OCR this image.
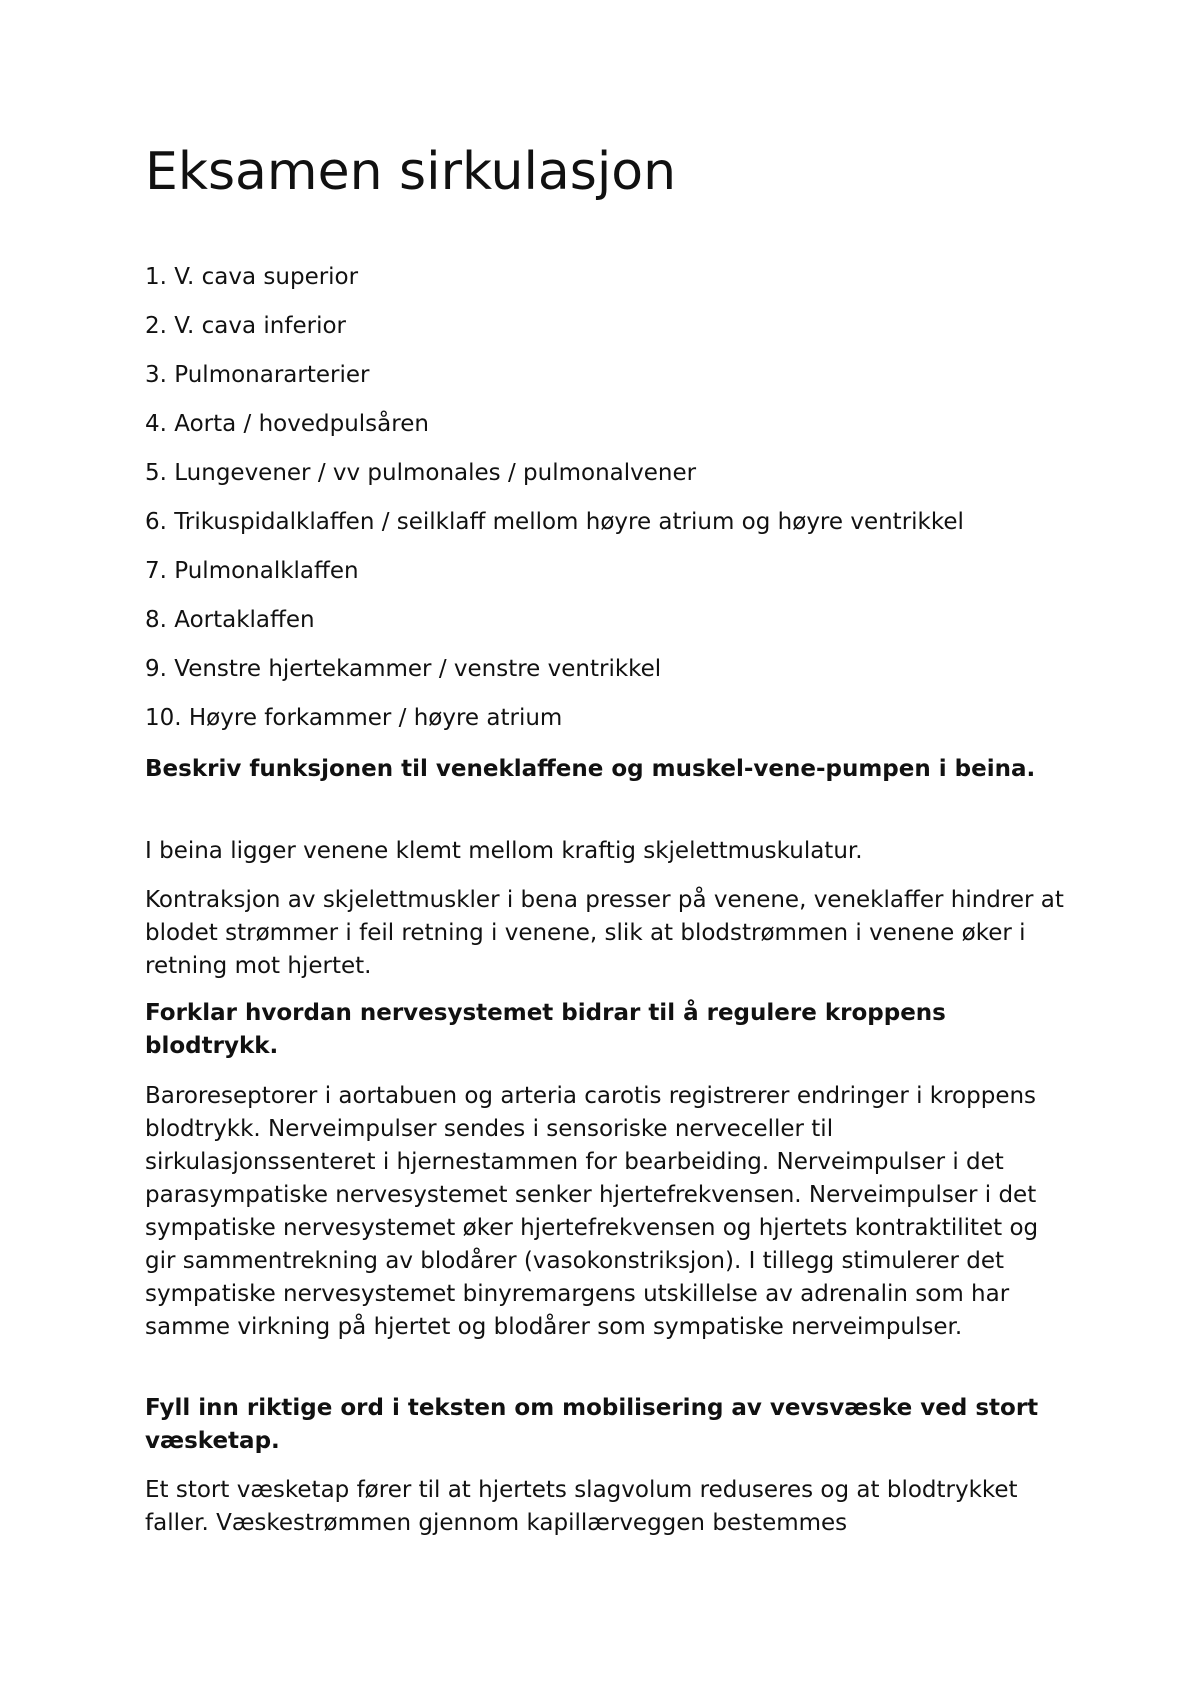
Eksamen sirkulasjon
1. V. cava superior
2. V. cava inferior
3. Pulmonararterier
4. Aorta / hovedpulsåren
5. Lungevener / vv pulmonales / pulmonalvener
6. Trikuspidalklaffen / seilklaff mellom høyre atrium og høyre ventrikkel
7. Pulmonalklaffen
8. Aortaklaffen
9. Venstre hjertekammer / venstre ventrikkel
10. Høyre forkammer / høyre atrium

Beskriv funksjonen til veneklaffene og muskel-vene-pumpen i beina.

I beina ligger venene klemt mellom kraftig skjelettmuskulatur.

Kontraksjon av skjelettmuskler i bena presser på venene, veneklaffer hindrer at blodet strømmer i feil retning i venene, slik at blodstrømmen i venene øker i retning mot hjertet.

Forklar hvordan nervesystemet bidrar til å regulere kroppens blodtrykk.

Baroreseptorer i aortabuen og arteria carotis registrerer endringer i kroppens blodtrykk. Nerveimpulser sendes i sensoriske nerveceller til sirkulasjonssenteret i hjernestammen for bearbeiding. Nerveimpulser i det parasympatiske nervesystemet senker hjertefrekvensen. Nerveimpulser i det sympatiske nervesystemet øker hjertefrekvensen og hjertets kontraktilitet og gir sammentrekning av blodårer (vasokonstriksjon). I tillegg stimulerer det sympatiske nervesystemet binyremargens utskillelse av adrenalin som har samme virkning på hjertet og blodårer som sympatiske nerveimpulser.

Fyll inn riktige ord i teksten om mobilisering av vevsvæske ved stort væsketap.

Et stort væsketap fører til at hjertets slagvolum reduseres og at blodtrykket faller. Væskestrømmen gjennom kapillærveggen bestemmes
